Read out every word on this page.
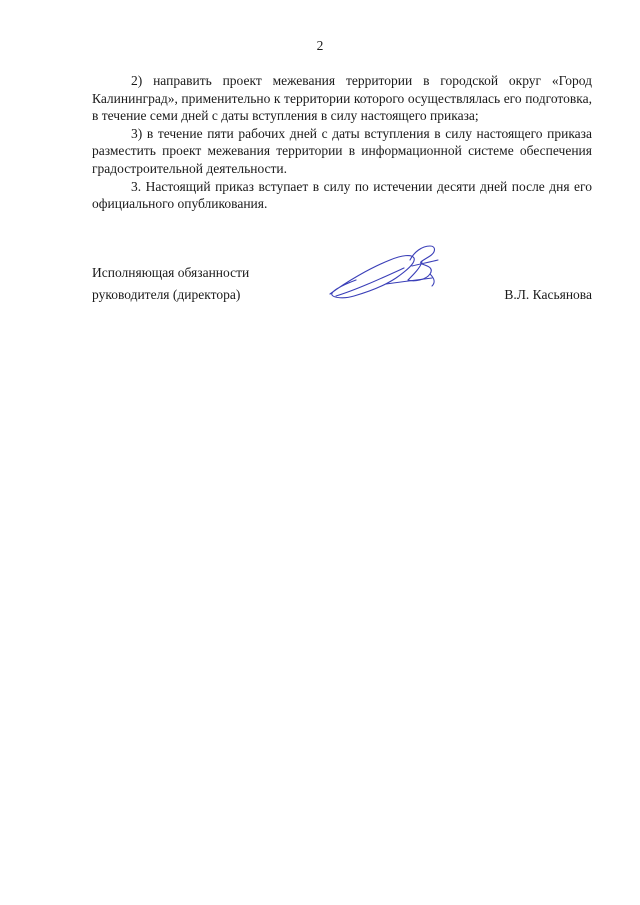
2

2) направить проект межевания территории в городской округ «Город Калининград», применительно к территории которого осуществлялась его подготовка, в течение семи дней с даты вступления в силу настоящего приказа;

3) в течение пяти рабочих дней с даты вступления в силу настоящего приказа разместить проект межевания территории в информационной системе обеспечения градостроительной деятельности.

3. Настоящий приказ вступает в силу по истечении десяти дней после дня его официального опубликования.

Исполняющая обязанности
руководителя (директора)	В.Л. Касьянова
